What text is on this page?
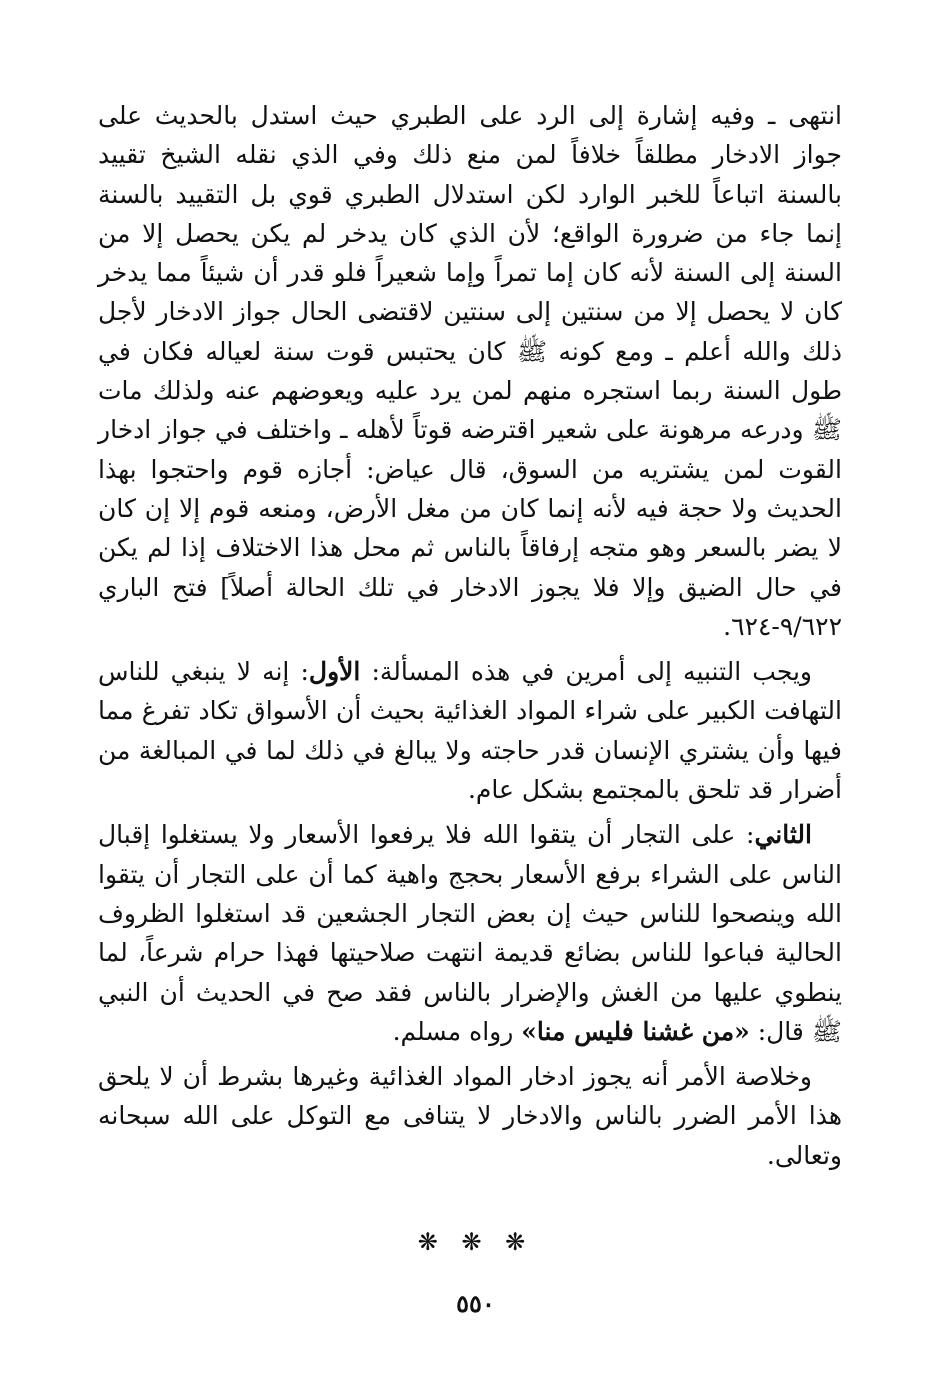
انتهى ـ وفيه إشارة إلى الرد على الطبري حيث استدل بالحديث على جواز الادخار مطلقاً خلافاً لمن منع ذلك وفي الذي نقله الشيخ تقييد بالسنة اتباعاً للخبر الوارد لكن استدلال الطبري قوي بل التقييد بالسنة إنما جاء من ضرورة الواقع؛ لأن الذي كان يدخر لم يكن يحصل إلا من السنة إلى السنة لأنه كان إما تمراً وإما شعيراً فلو قدر أن شيئاً مما يدخر كان لا يحصل إلا من سنتين إلى سنتين لاقتضى الحال جواز الادخار لأجل ذلك والله أعلم ـ ومع كونه ﷺ كان يحتبس قوت سنة لعياله فكان في طول السنة ربما استجره منهم لمن يرد عليه ويعوضهم عنه ولذلك مات ﷺ ودرعه مرهونة على شعير اقترضه قوتاً لأهله ـ واختلف في جواز ادخار القوت لمن يشتريه من السوق، قال عياض: أجازه قوم واحتجوا بهذا الحديث ولا حجة فيه لأنه إنما كان من مغل الأرض، ومنعه قوم إلا إن كان لا يضر بالسعر وهو متجه إرفاقاً بالناس ثم محل هذا الاختلاف إذا لم يكن في حال الضيق وإلا فلا يجوز الادخار في تلك الحالة أصلاً] فتح الباري ٩/٦٢٢-٦٢٤.

ويجب التنبيه إلى أمرين في هذه المسألة: الأول: إنه لا ينبغي للناس التهافت الكبير على شراء المواد الغذائية بحيث أن الأسواق تكاد تفرغ مما فيها وأن يشتري الإنسان قدر حاجته ولا يبالغ في ذلك لما في المبالغة من أضرار قد تلحق بالمجتمع بشكل عام.

الثاني: على التجار أن يتقوا الله فلا يرفعوا الأسعار ولا يستغلوا إقبال الناس على الشراء برفع الأسعار بحجج واهية كما أن على التجار أن يتقوا الله وينصحوا للناس حيث إن بعض التجار الجشعين قد استغلوا الظروف الحالية فباعوا للناس بضائع قديمة انتهت صلاحيتها فهذا حرام شرعاً، لما ينطوي عليها من الغش والإضرار بالناس فقد صح في الحديث أن النبي ﷺ قال: «من غشنا فليس منا» رواه مسلم.

وخلاصة الأمر أنه يجوز ادخار المواد الغذائية وغيرها بشرط أن لا يلحق هذا الأمر الضرر بالناس والادخار لا يتنافى مع التوكل على الله سبحانه وتعالى.

❋ ❋ ❋
٥٥٠
